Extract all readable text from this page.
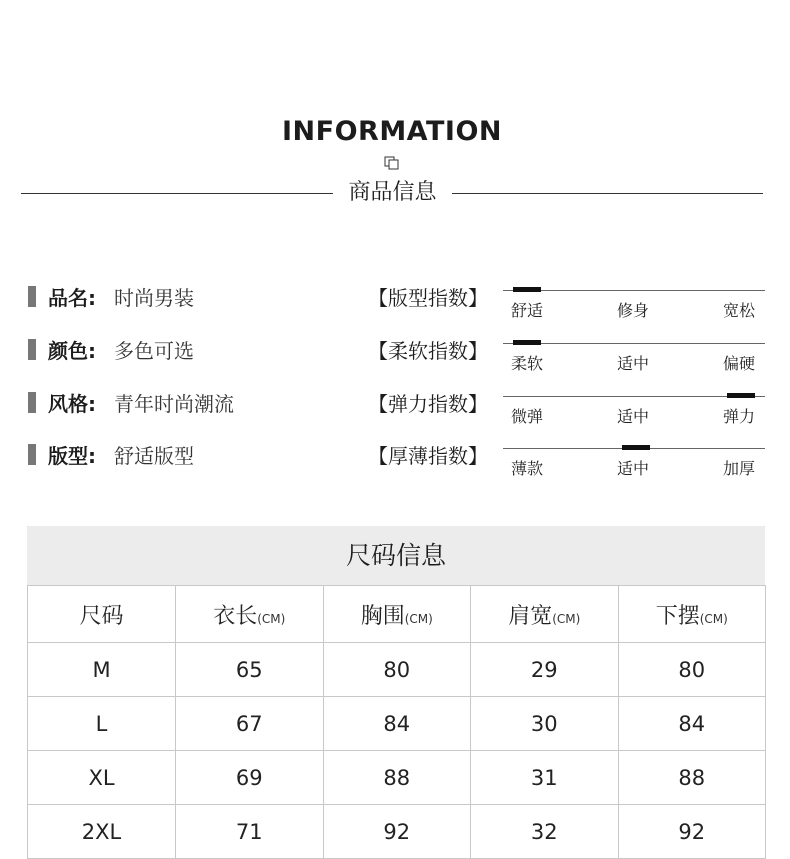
INFORMATION
商品信息
品名: 时尚男装
颜色: 多色可选
风格: 青年时尚潮流
版型: 舒适版型
【版型指数】
【柔软指数】
【弹力指数】
【厚薄指数】
舒适	修身	宽松
柔软	适中	偏硬
微弹	适中	弹力
薄款	适中	加厚
尺码信息
尺码	衣长(CM)	胸围(CM)	肩宽(CM)	下摆(CM)
M	65	80	29	80
L	67	84	30	84
XL	69	88	31	88
2XL	71	92	32	92
